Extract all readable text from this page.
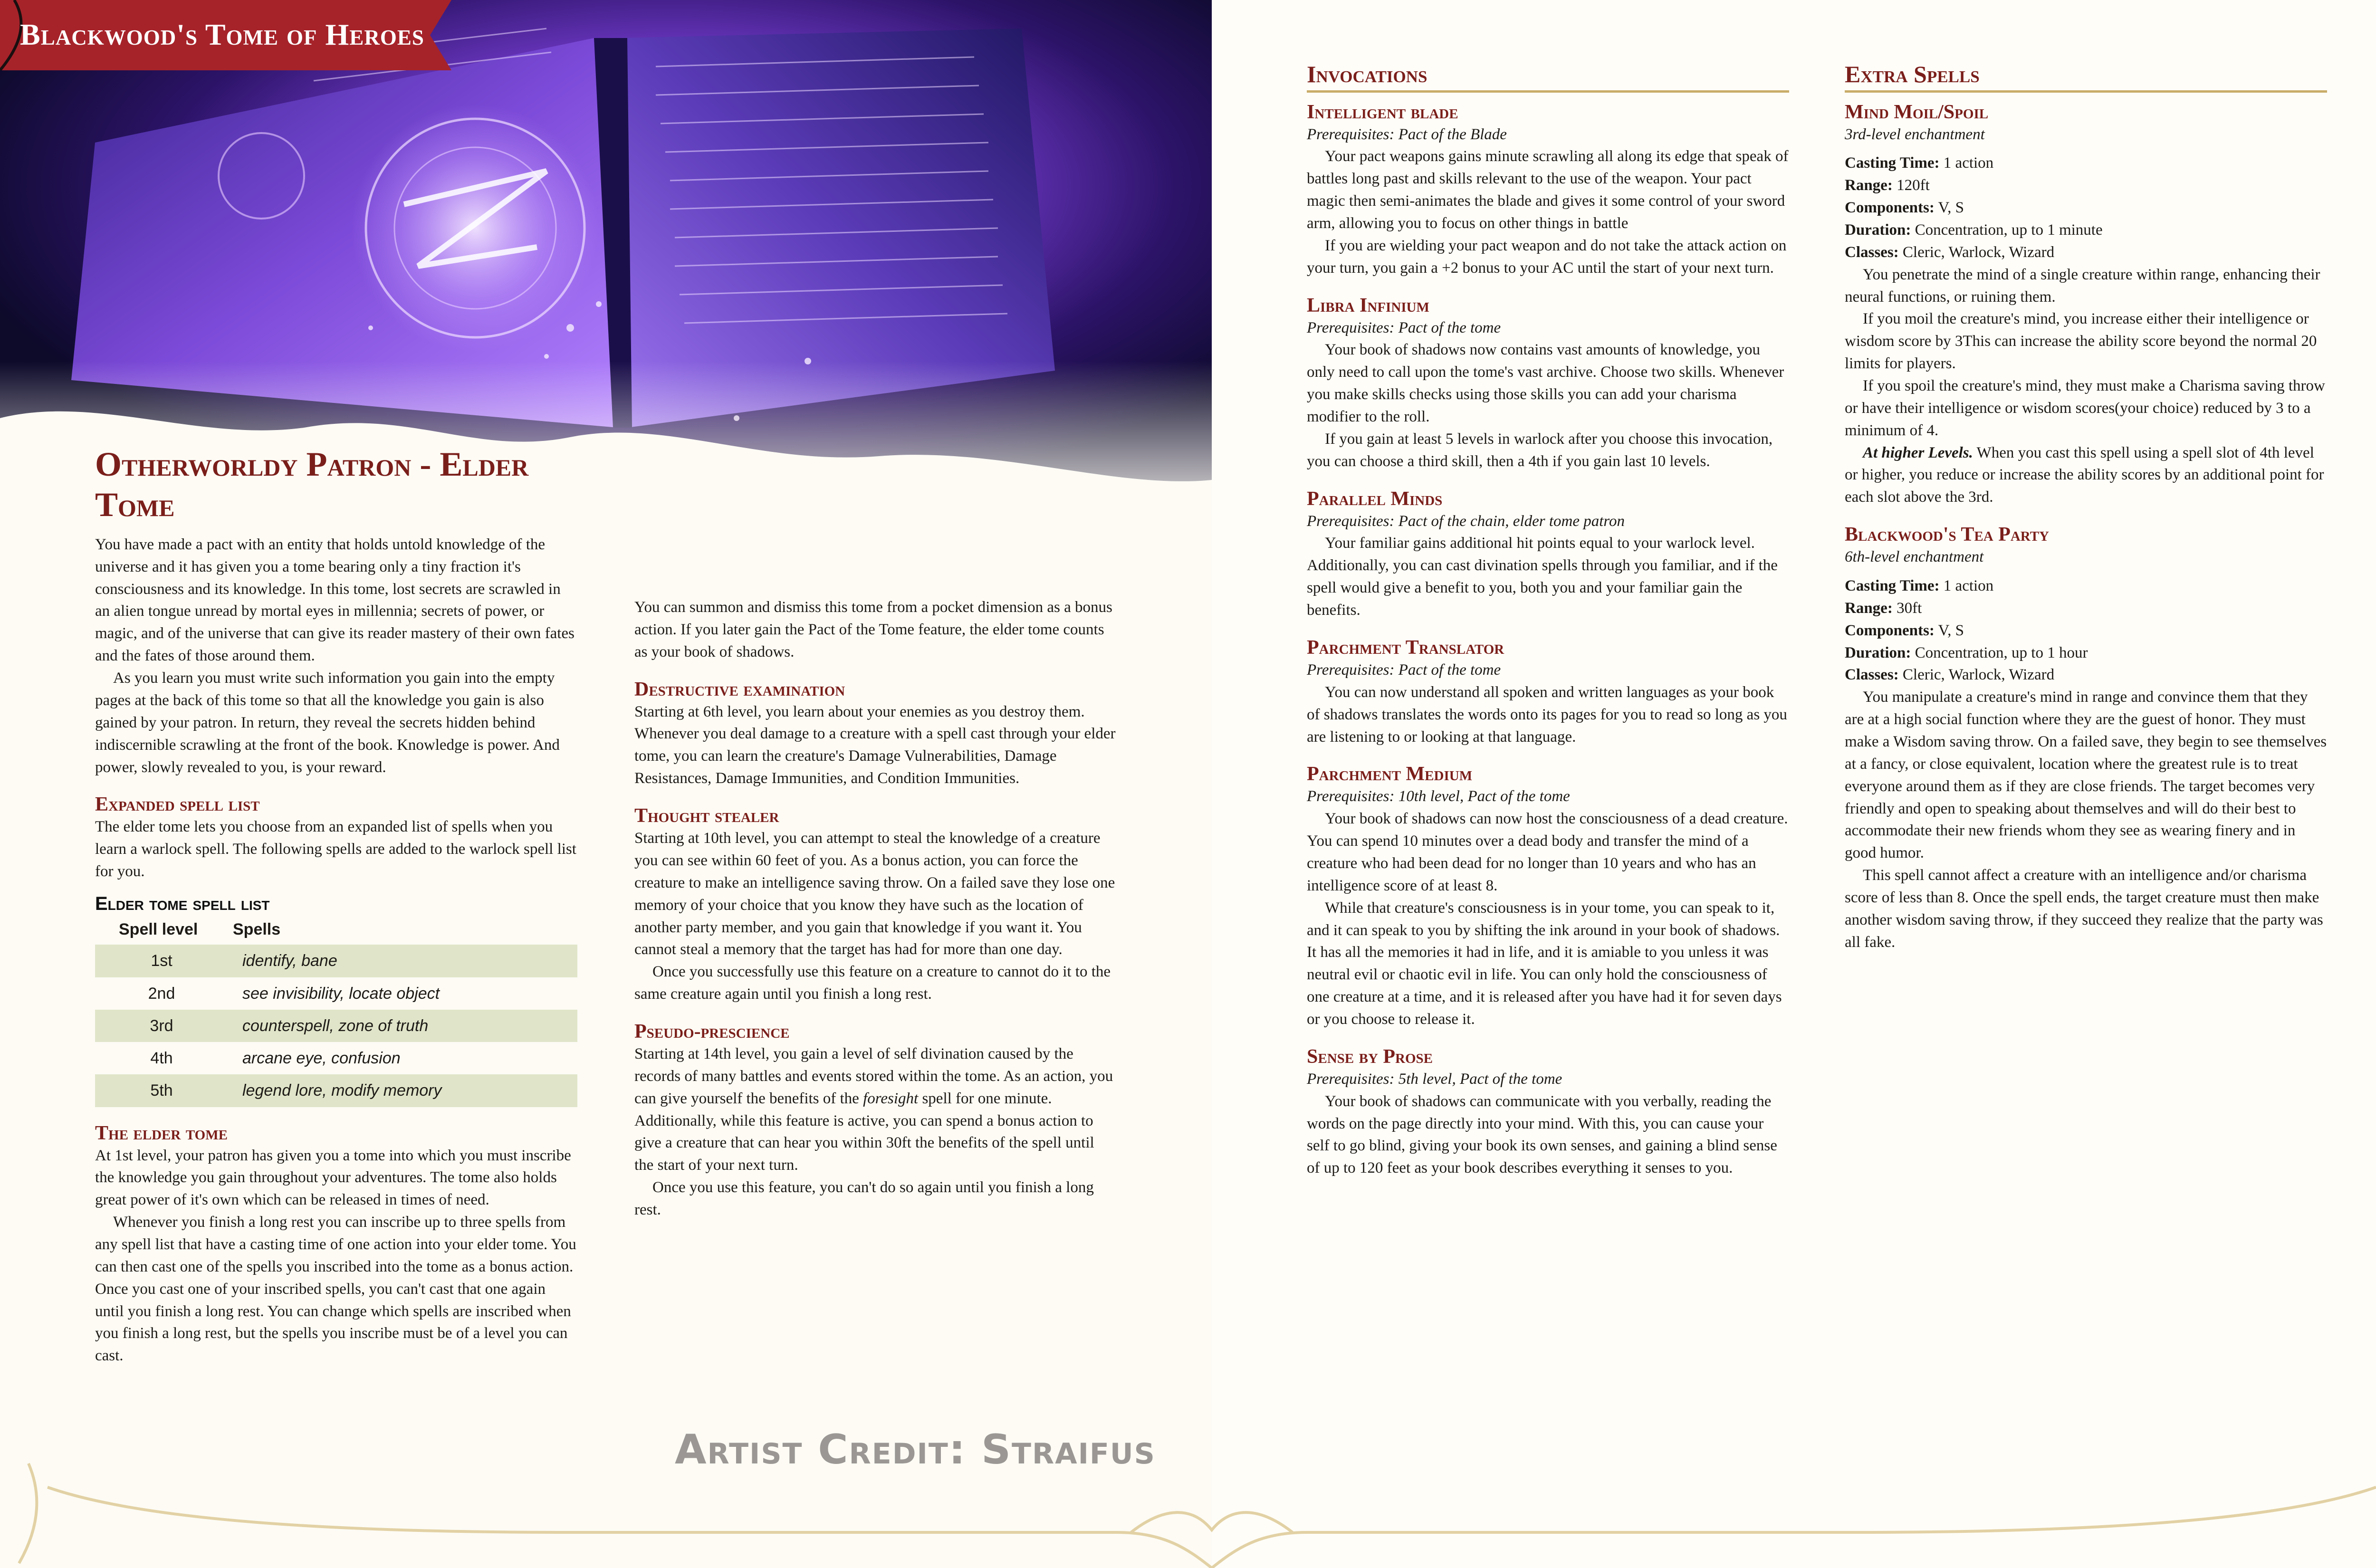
Blackwood's Tome of Heroes
Otherworldy Patron - Elder Tome

You have made a pact with an entity that holds untold knowledge of the universe and it has given you a tome bearing only a tiny fraction it's consciousness and its knowledge. In this tome, lost secrets are scrawled in an alien tongue unread by mortal eyes in millennia; secrets of power, or magic, and of the universe that can give its reader mastery of their own fates and the fates of those around them.

As you learn you must write such information you gain into the empty pages at the back of this tome so that all the knowledge you gain is also gained by your patron. In return, they reveal the secrets hidden behind indiscernible scrawling at the front of the book. Knowledge is power. And power, slowly revealed to you, is your reward.

Expanded spell list

The elder tome lets you choose from an expanded list of spells when you learn a warlock spell. The following spells are added to the warlock spell list for you.

Elder tome spell list
Spell level	Spells
1st	identify, bane
2nd	see invisibility, locate object
3rd	counterspell, zone of truth
4th	arcane eye, confusion
5th	legend lore, modify memory
The elder tome

At 1st level, your patron has given you a tome into which you must inscribe the knowledge you gain throughout your adventures. The tome also holds great power of it's own which can be released in times of need.

Whenever you finish a long rest you can inscribe up to three spells from any spell list that have a casting time of one action into your elder tome. You can then cast one of the spells you inscribed into the tome as a bonus action. Once you cast one of your inscribed spells, you can't cast that one again until you finish a long rest. You can change which spells are inscribed when you finish a long rest, but the spells you inscribe must be of a level you can cast.

You can summon and dismiss this tome from a pocket dimension as a bonus action. If you later gain the Pact of the Tome feature, the elder tome counts as your book of shadows.

Destructive examination

Starting at 6th level, you learn about your enemies as you destroy them. Whenever you deal damage to a creature with a spell cast through your elder tome, you can learn the creature's Damage Vulnerabilities, Damage Resistances, Damage Immunities, and Condition Immunities.

Thought stealer

Starting at 10th level, you can attempt to steal the knowledge of a creature you can see within 60 feet of you. As a bonus action, you can force the creature to make an intelligence saving throw. On a failed save they lose one memory of your choice that you know they have such as the location of another party member, and you gain that knowledge if you want it. You cannot steal a memory that the target has had for more than one day.

Once you successfully use this feature on a creature to cannot do it to the same creature again until you finish a long rest.

Pseudo-prescience

Starting at 14th level, you gain a level of self divination caused by the records of many battles and events stored within the tome. As an action, you can give yourself the benefits of the foresight spell for one minute. Additionally, while this feature is active, you can spend a bonus action to give a creature that can hear you within 30ft the benefits of the spell until the start of your next turn.

Once you use this feature, you can't do so again until you finish a long rest.

Artist Credit: Straifus
Invocations
Intelligent blade

Prerequisites: Pact of the Blade

Your pact weapons gains minute scrawling all along its edge that speak of battles long past and skills relevant to the use of the weapon. Your pact magic then semi-animates the blade and gives it some control of your sword arm, allowing you to focus on other things in battle

If you are wielding your pact weapon and do not take the attack action on your turn, you gain a +2 bonus to your AC until the start of your next turn.

Libra Infinium

Prerequisites: Pact of the tome

Your book of shadows now contains vast amounts of knowledge, you only need to call upon the tome's vast archive. Choose two skills. Whenever you make skills checks using those skills you can add your charisma modifier to the roll.

If you gain at least 5 levels in warlock after you choose this invocation, you can choose a third skill, then a 4th if you gain last 10 levels.

Parallel Minds

Prerequisites: Pact of the chain, elder tome patron

Your familiar gains additional hit points equal to your warlock level. Additionally, you can cast divination spells through you familiar, and if the spell would give a benefit to you, both you and your familiar gain the benefits.

Parchment Translator

Prerequisites: Pact of the tome

You can now understand all spoken and written languages as your book of shadows translates the words onto its pages for you to read so long as you are listening to or looking at that language.

Parchment Medium

Prerequisites: 10th level, Pact of the tome

Your book of shadows can now host the consciousness of a dead creature. You can spend 10 minutes over a dead body and transfer the mind of a creature who had been dead for no longer than 10 years and who has an intelligence score of at least 8.

While that creature's consciousness is in your tome, you can speak to it, and it can speak to you by shifting the ink around in your book of shadows. It has all the memories it had in life, and it is amiable to you unless it was neutral evil or chaotic evil in life. You can only hold the consciousness of one creature at a time, and it is released after you have had it for seven days or you choose to release it.

Sense by Prose

Prerequisites: 5th level, Pact of the tome

Your book of shadows can communicate with you verbally, reading the words on the page directly into your mind. With this, you can cause your self to go blind, giving your book its own senses, and gaining a blind sense of up to 120 feet as your book describes everything it senses to you.

Extra Spells
Mind Moil/Spoil

3rd-level enchantment

Casting Time: 1 action

Range: 120ft

Components: V, S

Duration: Concentration, up to 1 minute

Classes: Cleric, Warlock, Wizard

You penetrate the mind of a single creature within range, enhancing their neural functions, or ruining them.

If you moil the creature's mind, you increase either their intelligence or wisdom score by 3This can increase the ability score beyond the normal 20 limits for players.

If you spoil the creature's mind, they must make a Charisma saving throw or have their intelligence or wisdom scores(your choice) reduced by 3 to a minimum of 4.

At higher Levels. When you cast this spell using a spell slot of 4th level or higher, you reduce or increase the ability scores by an additional point for each slot above the 3rd.

Blackwood's Tea Party

6th-level enchantment

Casting Time: 1 action

Range: 30ft

Components: V, S

Duration: Concentration, up to 1 hour

Classes: Cleric, Warlock, Wizard

You manipulate a creature's mind in range and convince them that they are at a high social function where they are the guest of honor. They must make a Wisdom saving throw. On a failed save, they begin to see themselves at a fancy, or close equivalent, location where the greatest rule is to treat everyone around them as if they are close friends. The target becomes very friendly and open to speaking about themselves and will do their best to accommodate their new friends whom they see as wearing finery and in good humor.

This spell cannot affect a creature with an intelligence and/or charisma score of less than 8. Once the spell ends, the target creature must then make another wisdom saving throw, if they succeed they realize that the party was all fake.
